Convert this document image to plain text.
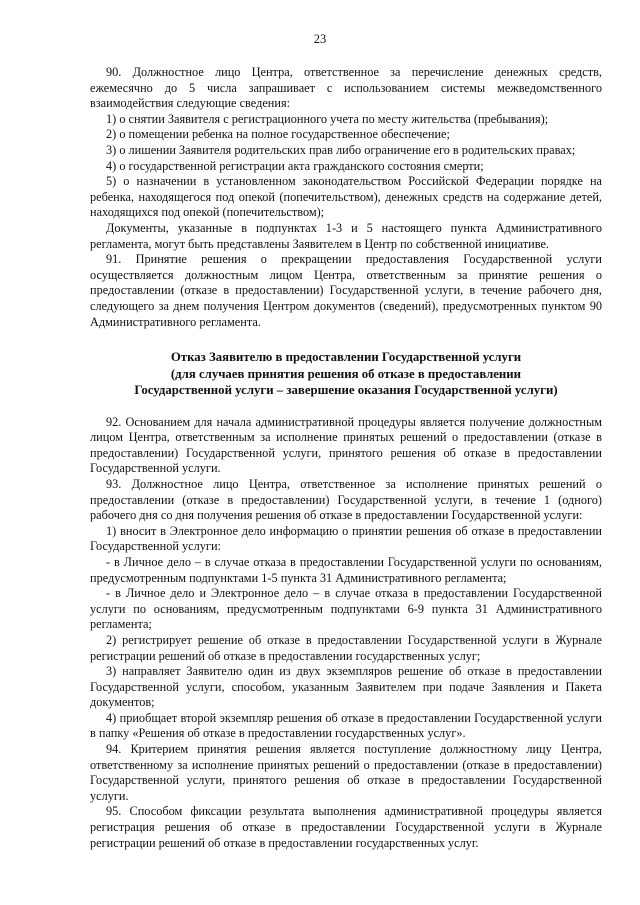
23

90. Должностное лицо Центра, ответственное за перечисление денежных средств, ежемесячно до 5 числа запрашивает с использованием системы межведомственного взаимодействия следующие сведения:

1) о снятии Заявителя с регистрационного учета по месту жительства (пребывания);

2) о помещении ребенка на полное государственное обеспечение;

3) о лишении Заявителя родительских прав либо ограничение его в родительских правах;

4) о государственной регистрации акта гражданского состояния смерти;

5) о назначении в установленном законодательством Российской Федерации порядке на ребенка, находящегося под опекой (попечительством), денежных средств на содержание детей, находящихся под опекой (попечительством);

Документы, указанные в подпунктах 1-3 и 5 настоящего пункта Административного регламента, могут быть представлены Заявителем в Центр по собственной инициативе.

91. Принятие решения о прекращении предоставления Государственной услуги осуществляется должностным лицом Центра, ответственным за принятие решения о предоставлении (отказе в предоставлении) Государственной услуги, в течение рабочего дня, следующего за днем получения Центром документов (сведений), предусмотренных пунктом 90 Административного регламента.

Отказ Заявителю в предоставлении Государственной услуги
(для случаев принятия решения об отказе в предоставлении
Государственной услуги – завершение оказания Государственной услуги)

92. Основанием для начала административной процедуры является получение должностным лицом Центра, ответственным за исполнение принятых решений о предоставлении (отказе в предоставлении) Государственной услуги, принятого решения об отказе в предоставлении Государственной услуги.

93. Должностное лицо Центра, ответственное за исполнение принятых решений о предоставлении (отказе в предоставлении) Государственной услуги, в течение 1 (одного) рабочего дня со дня получения решения об отказе в предоставлении Государственной услуги:

1) вносит в Электронное дело информацию о принятии решения об отказе в предоставлении Государственной услуги:

- в Личное дело – в случае отказа в предоставлении Государственной услуги по основаниям, предусмотренным подпунктами 1-5 пункта 31 Административного регламента;

- в Личное дело и Электронное дело – в случае отказа в предоставлении Государственной услуги по основаниям, предусмотренным подпунктами 6-9 пункта 31 Административного регламента;

2) регистрирует решение об отказе в предоставлении Государственной услуги в Журнале регистрации решений об отказе в предоставлении государственных услуг;

3) направляет Заявителю один из двух экземпляров решение об отказе в предоставлении Государственной услуги, способом, указанным Заявителем при подаче Заявления и Пакета документов;

4) приобщает второй экземпляр решения об отказе в предоставлении Государственной услуги в папку «Решения об отказе в предоставлении государственных услуг».

94. Критерием принятия решения является поступление должностному лицу Центра, ответственному за исполнение принятых решений о предоставлении (отказе в предоставлении) Государственной услуги, принятого решения об отказе в предоставлении Государственной услуги.

95. Способом фиксации результата выполнения административной процедуры является регистрация решения об отказе в предоставлении Государственной услуги в Журнале регистрации решений об отказе в предоставлении государственных услуг.
